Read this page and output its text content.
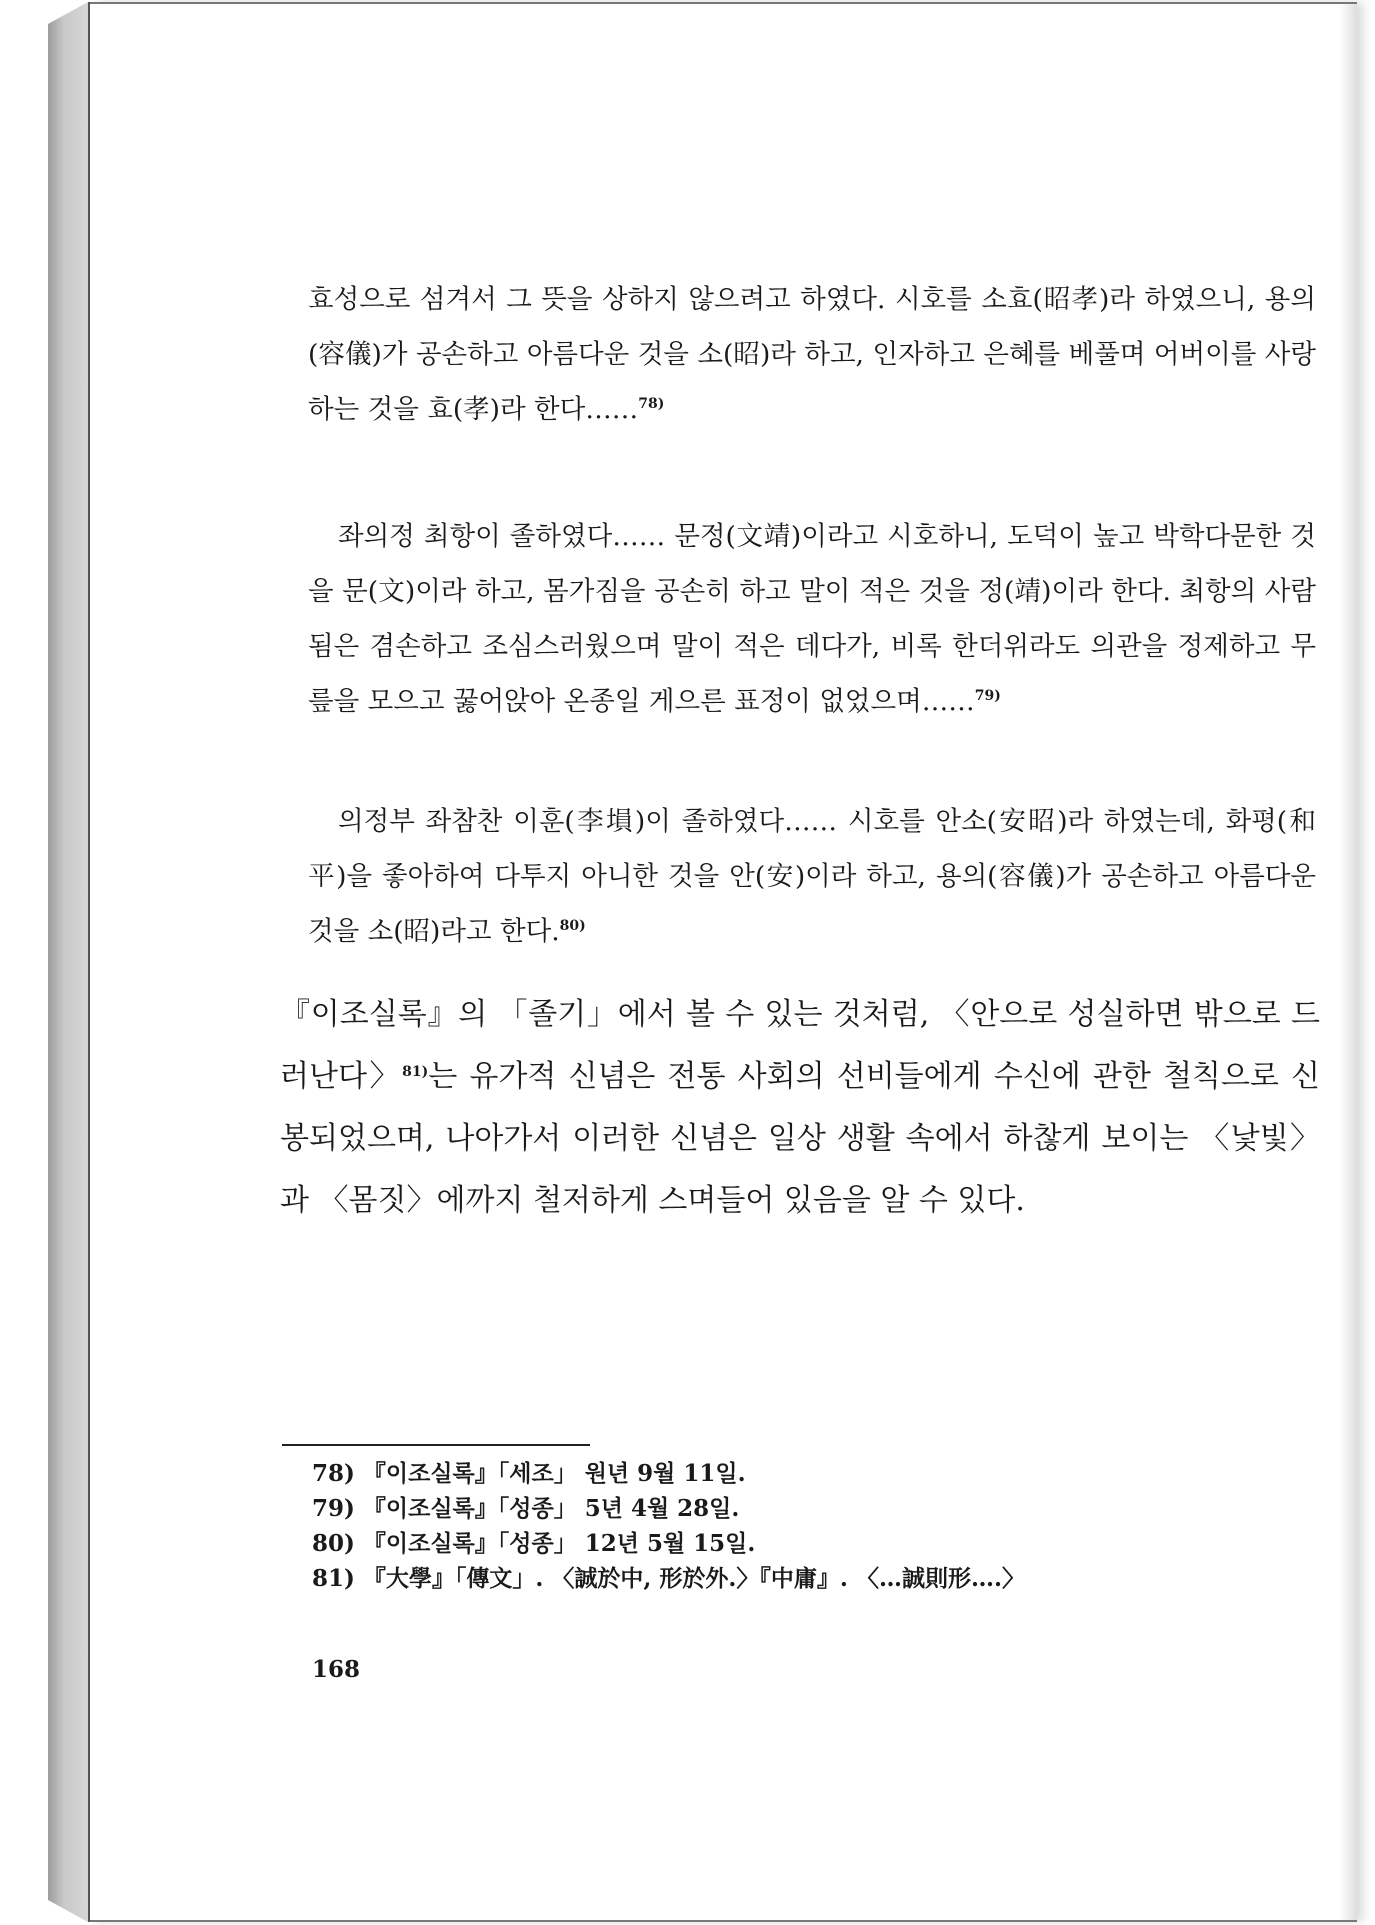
효성으로 섬겨서 그 뜻을 상하지 않으려고 하였다. 시호를 소효(昭孝)라 하였으니, 용의(容儀)가 공손하고 아름다운 것을 소(昭)라 하고, 인자하고 은혜를 베풀며 어버이를 사랑하는 것을 효(孝)라 한다……$^{78)}$

좌의정 최항이 졸하였다…… 문정(文靖)이라고 시호하니, 도덕이 높고 박학다문한 것을 문(文)이라 하고, 몸가짐을 공손히 하고 말이 적은 것을 정(靖)이라 한다. 최항의 사람됨은 겸손하고 조심스러웠으며 말이 적은 데다가, 비록 한더위라도 의관을 정제하고 무릎을 모으고 꿇어앉아 온종일 게으른 표정이 없었으며……$^{79)}$

의정부 좌참찬 이훈(李塤)이 졸하였다…… 시호를 안소(安昭)라 하였는데, 화평(和平)을 좋아하여 다투지 아니한 것을 안(安)이라 하고, 용의(容儀)가 공손하고 아름다운 것을 소(昭)라고 한다.$^{80)}$

『이조실록』의 「졸기」에서 볼 수 있는 것처럼, 〈안으로 성실하면 밖으로 드러난다〉$^{81)}$는 유가적 신념은 전통 사회의 선비들에게 수신에 관한 철칙으로 신봉되었으며, 나아가서 이러한 신념은 일상 생활 속에서 하찮게 보이는 〈낯빛〉과 〈몸짓〉에까지 철저하게 스며들어 있음을 알 수 있다.

78) 『이조실록』「세조」 원년 9월 11일.
79) 『이조실록』「성종」 5년 4월 28일.
80) 『이조실록』「성종」 12년 5월 15일.
81) 『大學』「傳文」. 〈誠於中, 形於外.〉『中庸』. 〈…誠則形….〉
168
